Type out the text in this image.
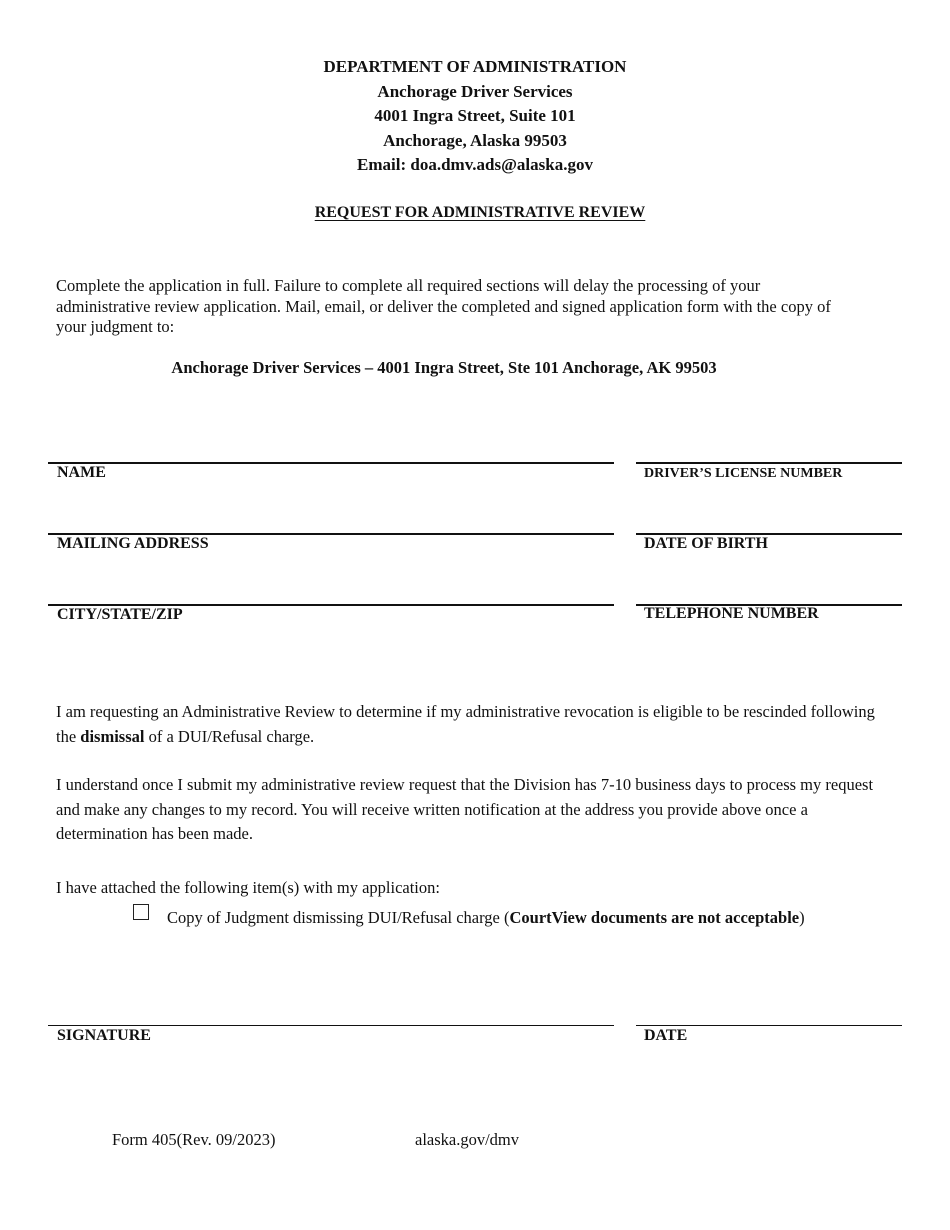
DEPARTMENT OF ADMINISTRATION
Anchorage Driver Services
4001 Ingra Street, Suite 101
Anchorage, Alaska 99503
Email: doa.dmv.ads@alaska.gov
REQUEST FOR ADMINISTRATIVE REVIEW
Complete the application in full. Failure to complete all required sections will delay the processing of your administrative review application. Mail, email, or deliver the completed and signed application form with the copy of your judgment to:
Anchorage Driver Services – 4001 Ingra Street, Ste 101 Anchorage, AK 99503
NAME	DRIVER’S LICENSE NUMBER
MAILING ADDRESS	DATE OF BIRTH
CITY/STATE/ZIP	TELEPHONE NUMBER
I am requesting an Administrative Review to determine if my administrative revocation is eligible to be rescinded following the dismissal of a DUI/Refusal charge.
I understand once I submit my administrative review request that the Division has 7-10 business days to process my request and make any changes to my record. You will receive written notification at the address you provide above once a determination has been made.
I have attached the following item(s) with my application:
Copy of Judgment dismissing DUI/Refusal charge (CourtView documents are not acceptable)
SIGNATURE	DATE
Form 405(Rev. 09/2023)	alaska.gov/dmv
